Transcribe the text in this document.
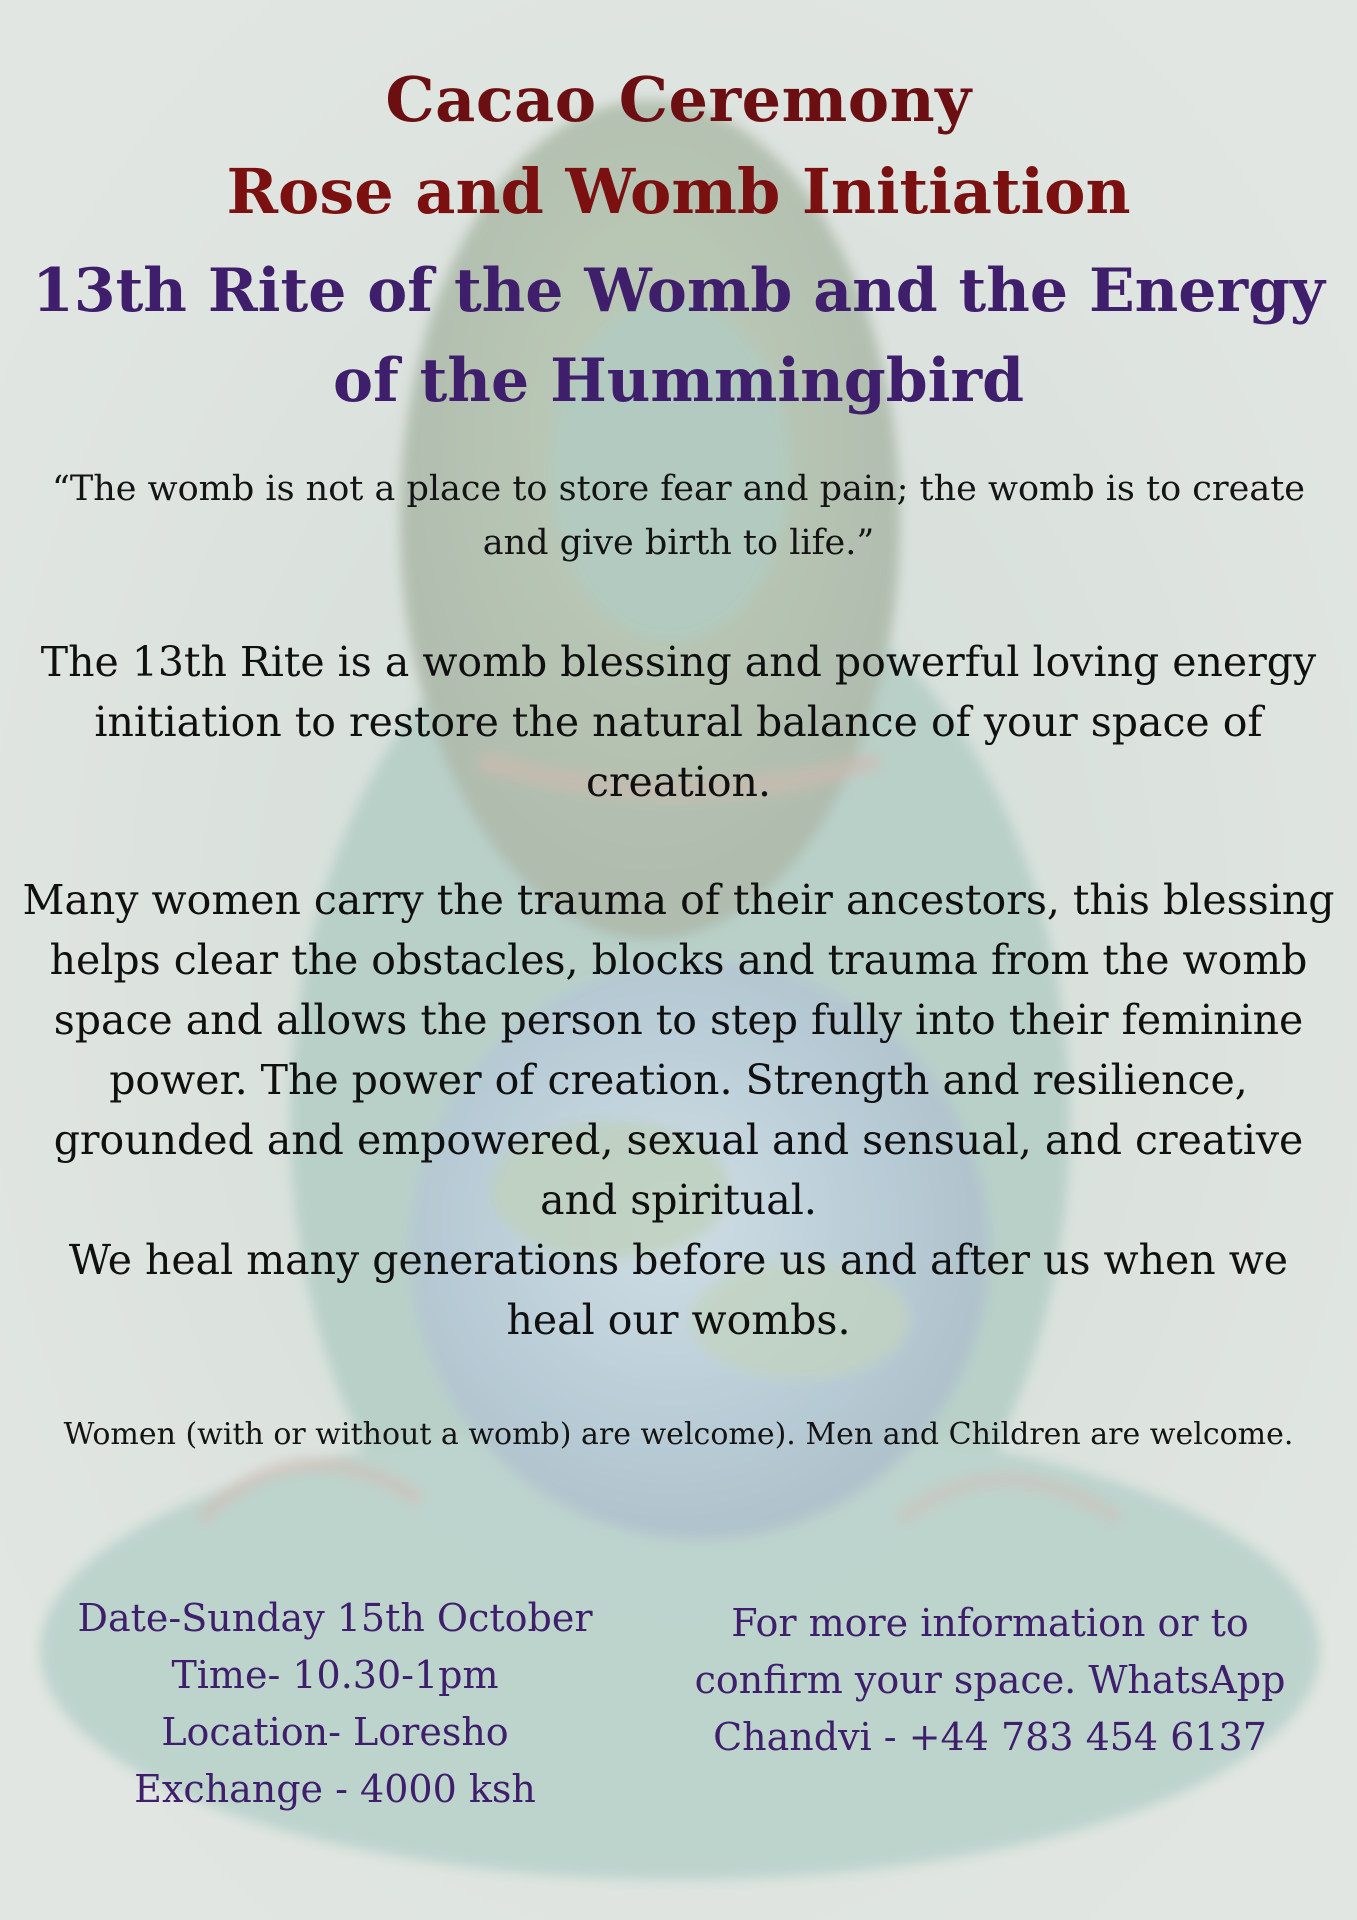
Cacao Ceremony
Rose and Womb Initiation
13th Rite of the Womb and the Energy of the Hummingbird

“The womb is not a place to store fear and pain; the womb is to create and give birth to life.”

The 13th Rite is a womb blessing and powerful loving energy initiation to restore the natural balance of your space of creation.

Many women carry the trauma of their ancestors, this blessing helps clear the obstacles, blocks and trauma from the womb space and allows the person to step fully into their feminine power. The power of creation. Strength and resilience, grounded and empowered, sexual and sensual, and creative and spiritual.

We heal many generations before us and after us when we heal our wombs.

Women (with or without a womb) are welcome). Men and Children are welcome.

Date-Sunday 15th October
Time- 10.30-1pm
Location- Loresho
Exchange - 4000 ksh
For more information or to
confirm your space. WhatsApp
Chandvi - +44 783 454 6137
